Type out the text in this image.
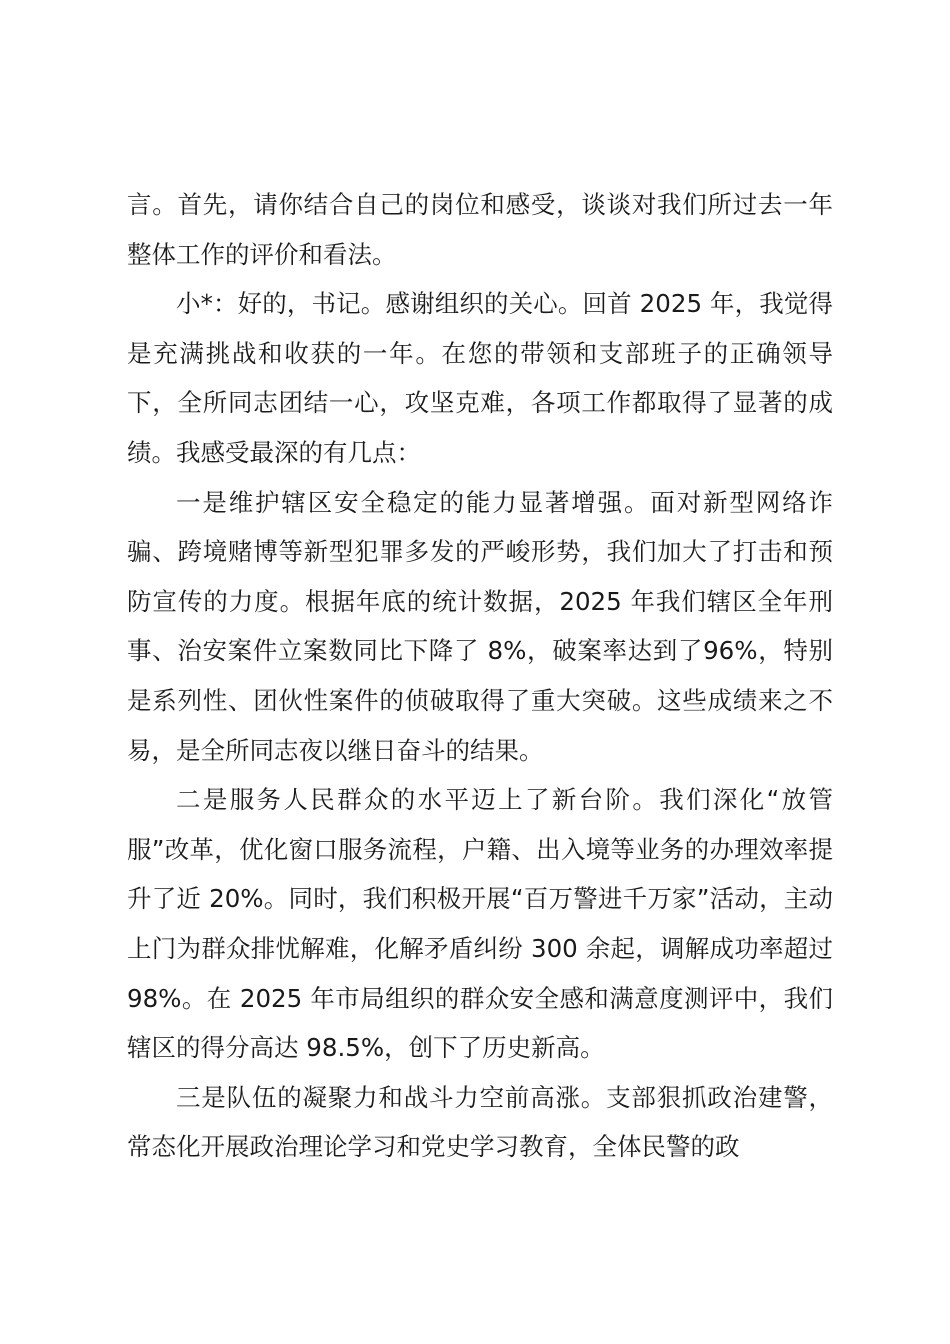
言。首先，请你结合自己的岗位和感受，谈谈对我们所过去一年整体工作的评价和看法。

小*：好的，书记。感谢组织的关心。回首 2025 年，我觉得是充满挑战和收获的一年。在您的带领和支部班子的正确领导下，全所同志团结一心，攻坚克难，各项工作都取得了显著的成绩。我感受最深的有几点：

一是维护辖区安全稳定的能力显著增强。面对新型网络诈骗、跨境赌博等新型犯罪多发的严峻形势，我们加大了打击和预防宣传的力度。根据年底的统计数据，2025 年我们辖区全年刑事、治安案件立案数同比下降了 8%，破案率达到了96%，特别是系列性、团伙性案件的侦破取得了重大突破。这些成绩来之不易，是全所同志夜以继日奋斗的结果。

二是服务人民群众的水平迈上了新台阶。我们深化“放管服”改革，优化窗口服务流程，户籍、出入境等业务的办理效率提升了近 20%。同时，我们积极开展“百万警进千万家”活动，主动上门为群众排忧解难，化解矛盾纠纷 300 余起，调解成功率超过 98%。在 2025 年市局组织的群众安全感和满意度测评中，我们辖区的得分高达 98.5%，创下了历史新高。

三是队伍的凝聚力和战斗力空前高涨。支部狠抓政治建警，常态化开展政治理论学习和党史学习教育，全体民警的政
